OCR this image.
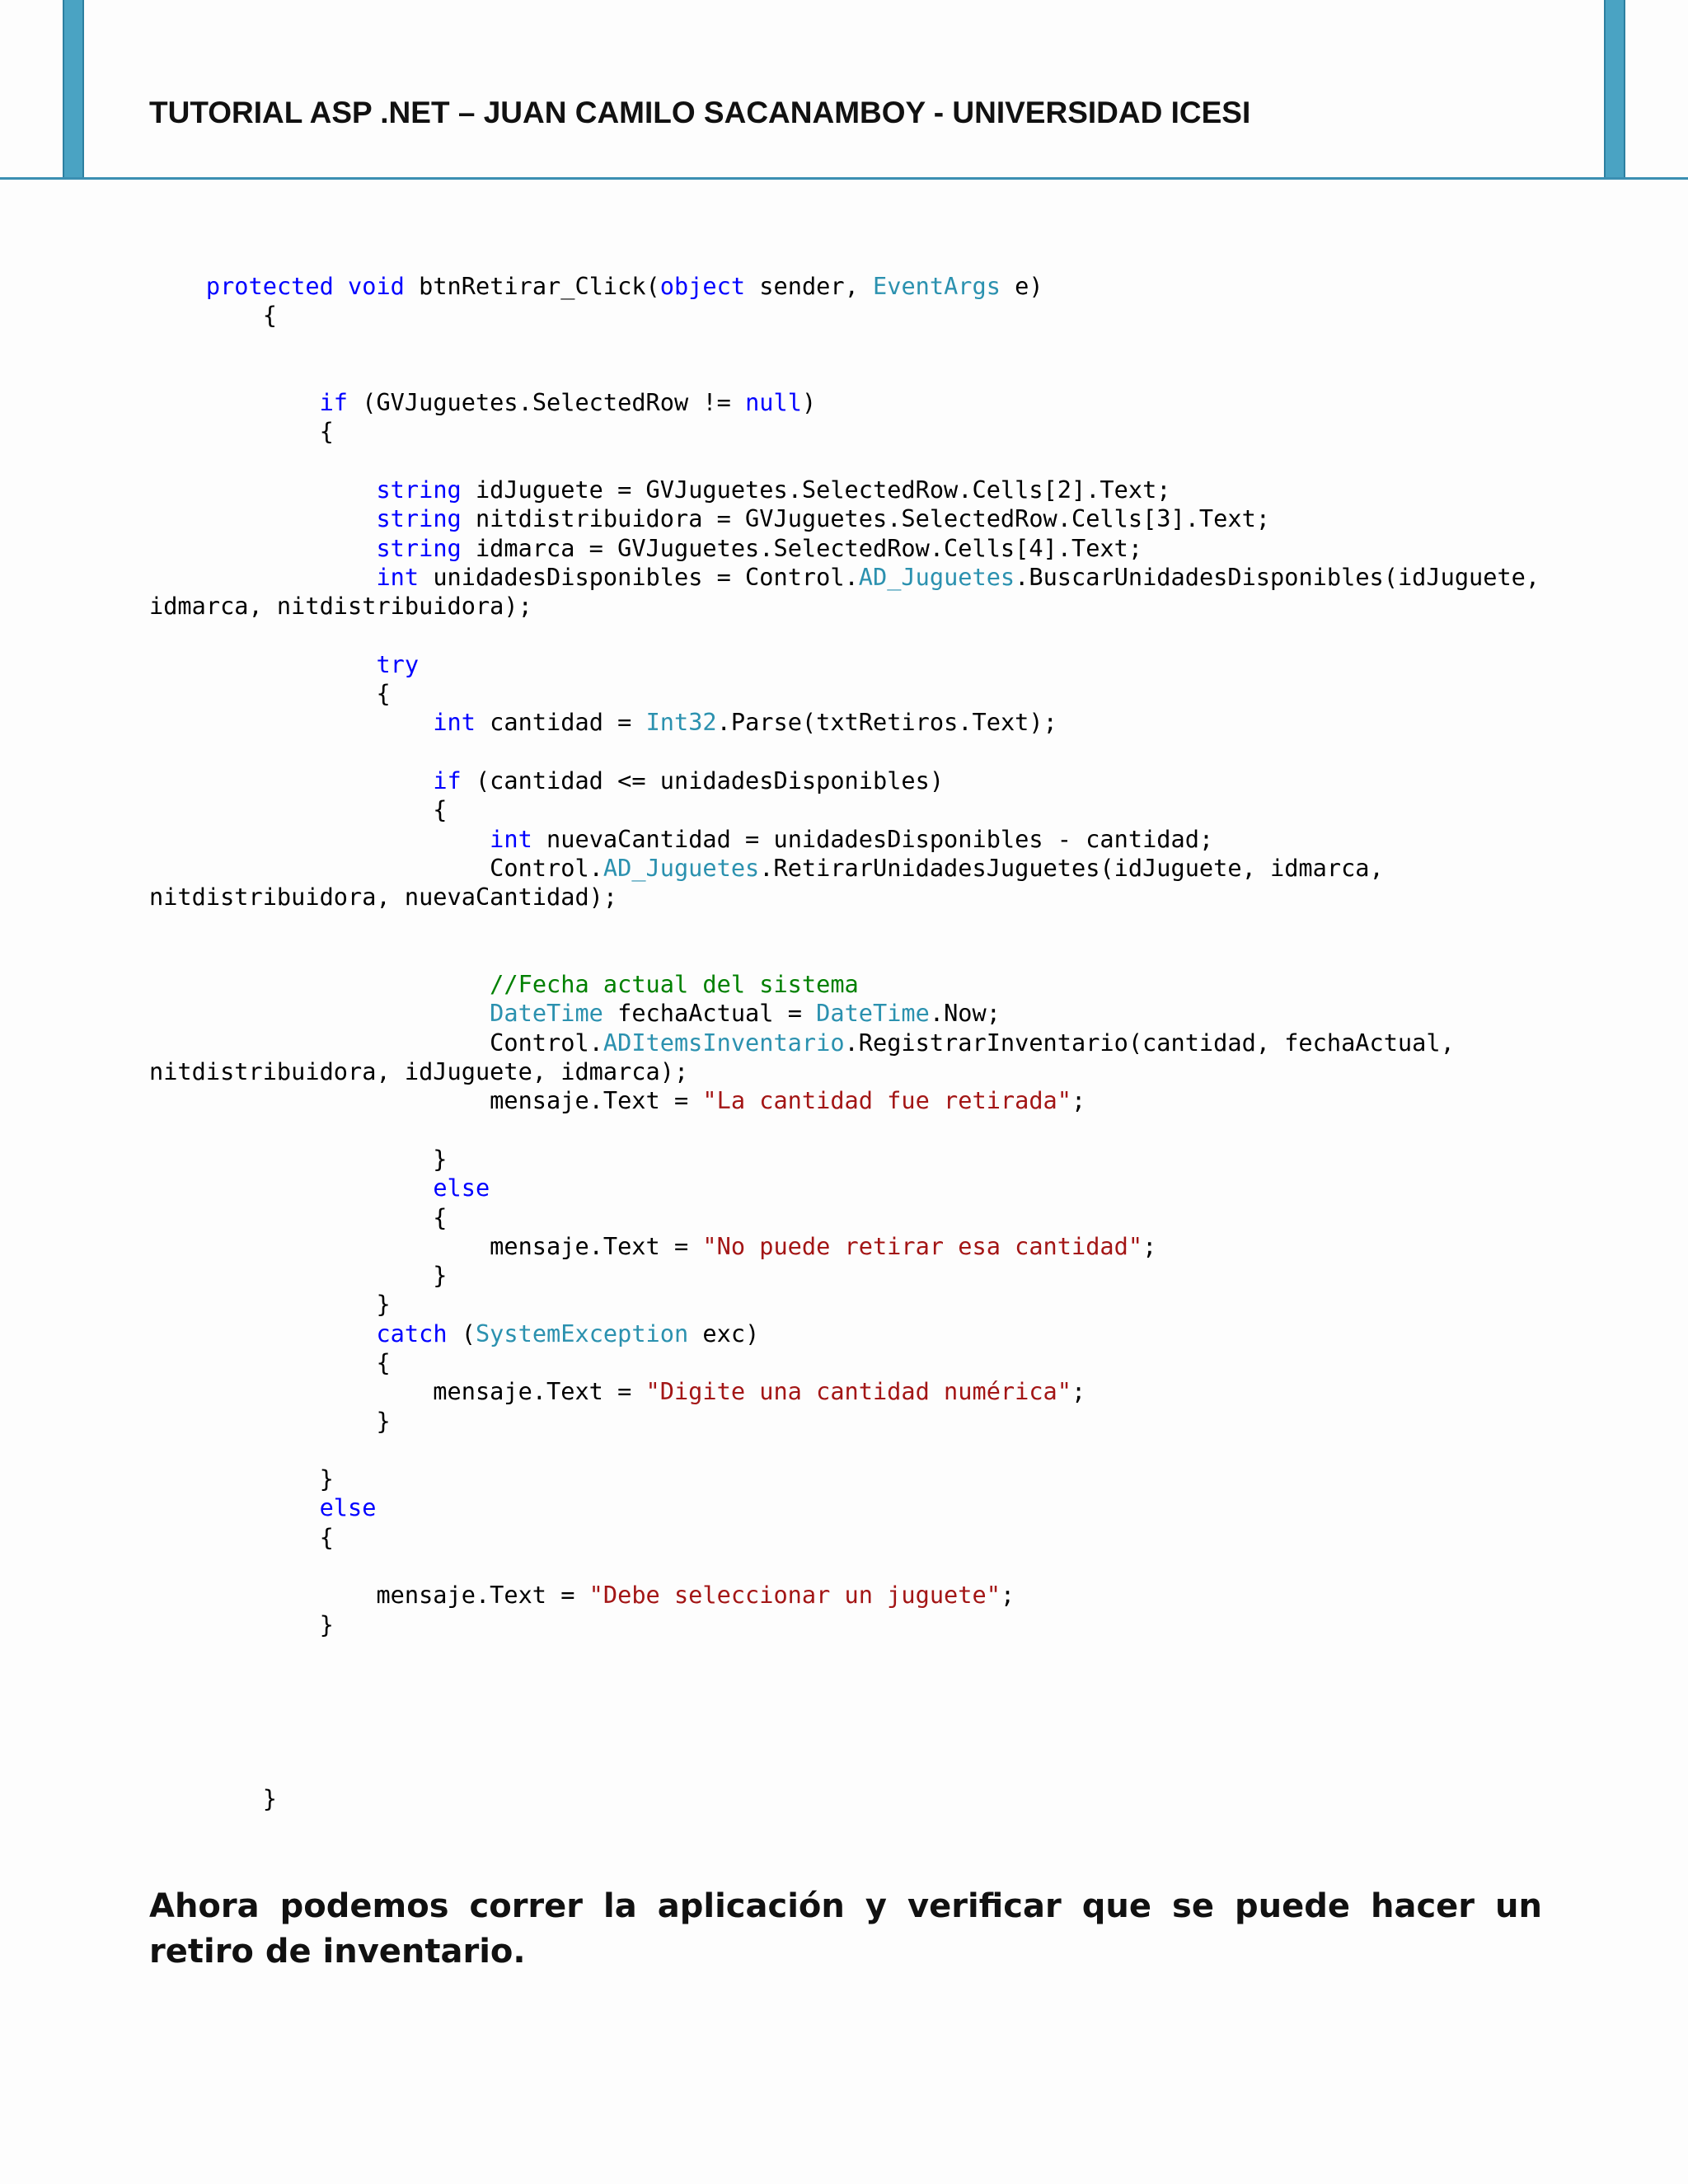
TUTORIAL ASP .NET – JUAN CAMILO SACANAMBOY - UNIVERSIDAD ICESI
protected void btnRetirar_Click(object sender, EventArgs e)
{

if (GVJuguetes.SelectedRow != null)
{

string idJuguete = GVJuguetes.SelectedRow.Cells[2].Text;
string nitdistribuidora = GVJuguetes.SelectedRow.Cells[3].Text;
string idmarca = GVJuguetes.SelectedRow.Cells[4].Text;
int unidadesDisponibles = Control.AD_Juguetes.BuscarUnidadesDisponibles(idJuguete,
idmarca, nitdistribuidora);

try
{
int cantidad = Int32.Parse(txtRetiros.Text);

if (cantidad <= unidadesDisponibles)
{
int nuevaCantidad = unidadesDisponibles - cantidad;
Control.AD_Juguetes.RetirarUnidadesJuguetes(idJuguete, idmarca,
nitdistribuidora, nuevaCantidad);

//Fecha actual del sistema
DateTime fechaActual = DateTime.Now;
Control.ADItemsInventario.RegistrarInventario(cantidad, fechaActual,
nitdistribuidora, idJuguete, idmarca);
mensaje.Text = "La cantidad fue retirada";

}
else
{
mensaje.Text = "No puede retirar esa cantidad";
}
}
catch (SystemException exc)
{
mensaje.Text = "Digite una cantidad numérica";
}

}
else
{

mensaje.Text = "Debe seleccionar un juguete";
}

}
Ahora podemos correr la aplicación y verificar que se puede hacer un retiro de inventario.
